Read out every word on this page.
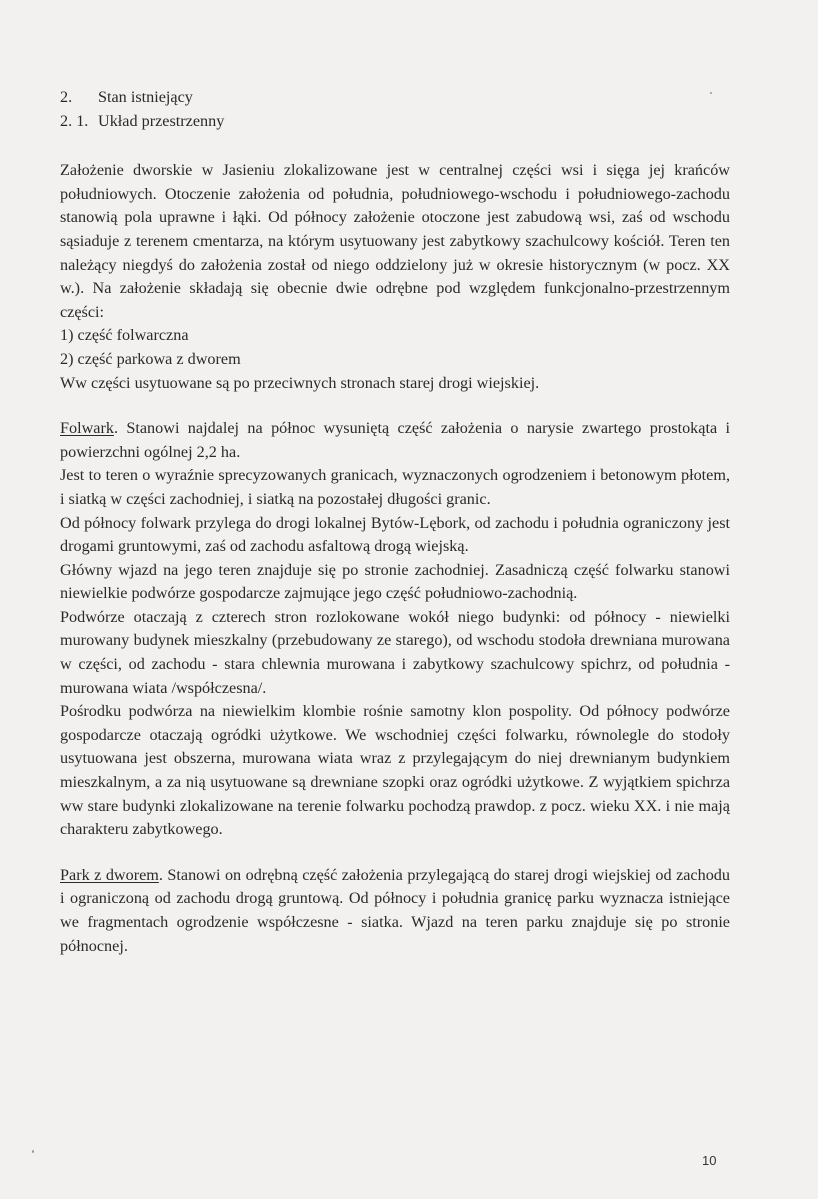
2. Stan istniejący
2. 1. Układ przestrzenny

Założenie dworskie w Jasieniu zlokalizowane jest w centralnej części wsi i sięga jej krańców południowych. Otoczenie założenia od południa, południowego-wschodu i południowego-zachodu stanowią pola uprawne i łąki. Od północy założenie otoczone jest zabudową wsi, zaś od wschodu sąsiaduje z terenem cmentarza, na którym usytuowany jest zabytkowy szachulcowy kościół. Teren ten należący niegdyś do założenia został od niego oddzielony już w okresie historycznym (w pocz. XX w.). Na założenie składają się obecnie dwie odrębne pod względem funkcjonalno-przestrzennym części:

1) część folwarczna
2) część parkowa z dworem
Ww części usytuowane są po przeciwnych stronach starej drogi wiejskiej.

Folwark. Stanowi najdalej na północ wysuniętą część założenia o narysie zwartego prostokąta i powierzchni ogólnej 2,2 ha.

Jest to teren o wyraźnie sprecyzowanych granicach, wyznaczonych ogrodzeniem i betonowym płotem, i siatką w części zachodniej, i siatką na pozostałej długości granic.

Od północy folwark przylega do drogi lokalnej Bytów-Lębork, od zachodu i południa ograniczony jest drogami gruntowymi, zaś od zachodu asfaltową drogą wiejską.

Główny wjazd na jego teren znajduje się po stronie zachodniej. Zasadniczą część folwarku stanowi niewielkie podwórze gospodarcze zajmujące jego część południowo-zachodnią.

Podwórze otaczają z czterech stron rozlokowane wokół niego budynki: od północy - niewielki murowany budynek mieszkalny (przebudowany ze starego), od wschodu stodoła drewniana murowana w części, od zachodu - stara chlewnia murowana i zabytkowy szachulcowy spichrz, od południa - murowana wiata /współczesna/.

Pośrodku podwórza na niewielkim klombie rośnie samotny klon pospolity. Od północy podwórze gospodarcze otaczają ogródki użytkowe. We wschodniej części folwarku, równolegle do stodoły usytuowana jest obszerna, murowana wiata wraz z przylegającym do niej drewnianym budynkiem mieszkalnym, a za nią usytuowane są drewniane szopki oraz ogródki użytkowe. Z wyjątkiem spichrza ww stare budynki zlokalizowane na terenie folwarku pochodzą prawdop. z pocz. wieku XX. i nie mają charakteru zabytkowego.

Park z dworem. Stanowi on odrębną część założenia przylegającą do starej drogi wiejskiej od zachodu i ograniczoną od zachodu drogą gruntową. Od północy i południa granicę parku wyznacza istniejące we fragmentach ogrodzenie współczesne - siatka. Wjazd na teren parku znajduje się po stronie północnej.

10
